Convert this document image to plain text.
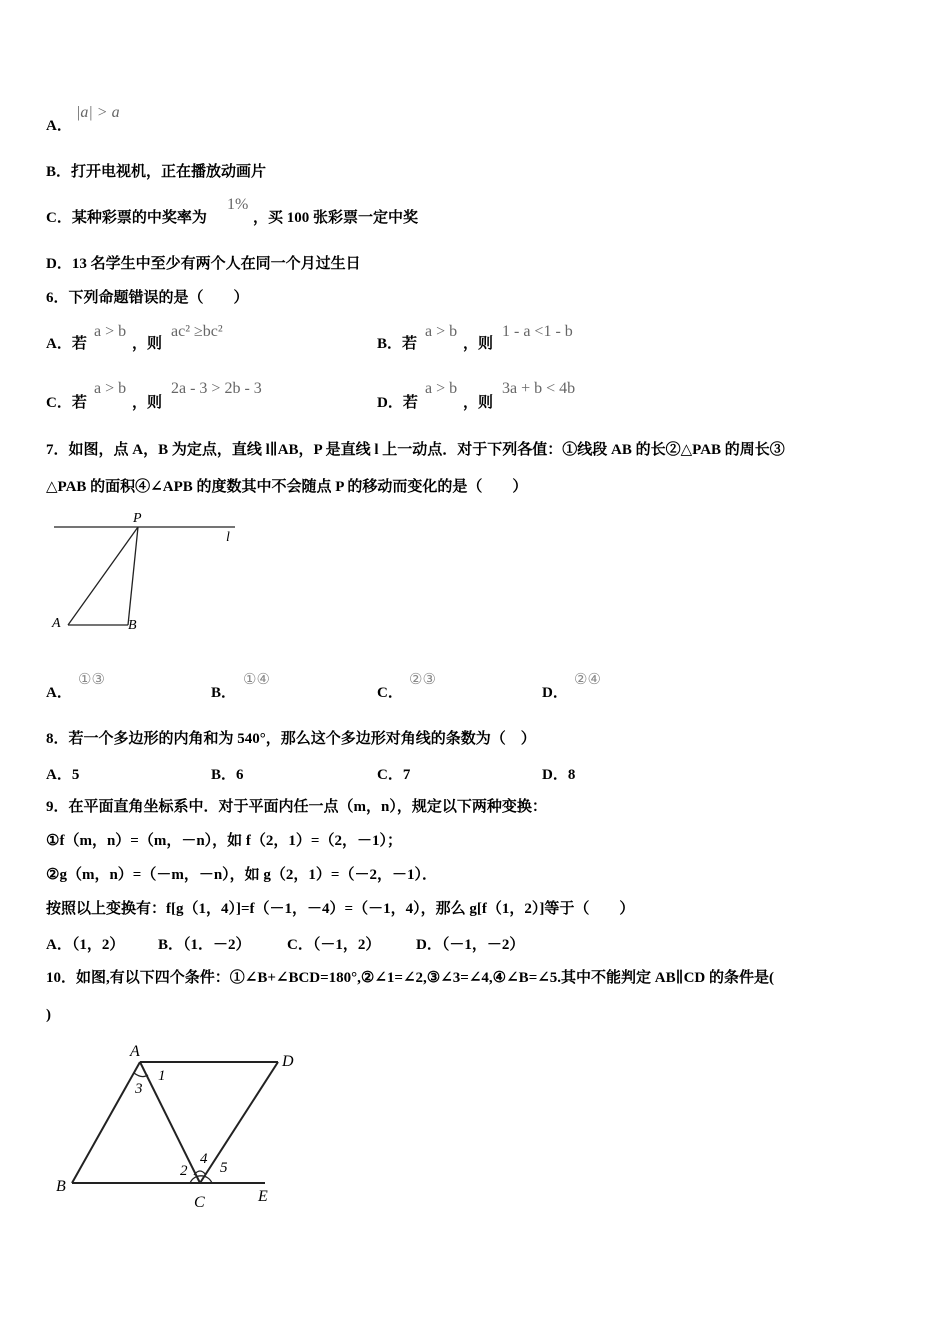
A．
|a| > a
B．打开电视机，正在播放动画片
C．某种彩票的中奖率为
1%
，买 100 张彩票一定中奖
D．13 名学生中至少有两个人在同一个月过生日
6．下列命题错误的是（　　）
A．若
a > b
，则
ac² ≥bc²
B．若
a > b
，则
1 - a <1 - b
C．若
a > b
，则
2a - 3 > 2b - 3
D．若
a > b
，则
3a + b < 4b
7．如图，点 A，B 为定点，直线 l∥AB，P 是直线 l 上一动点．对于下列各值：①线段 AB 的长②△PAB 的周长③
△PAB 的面积④∠APB 的度数其中不会随点 P 的移动而变化的是（　　）
P
l
A	B
A．
①③
B．
①④
C．
②③
D．
②④
8．若一个多边形的内角和为 540°，那么这个多边形对角线的条数为（　）
A．5	B．6	C．7	D．8
9．在平面直角坐标系中．对于平面内任一点（m，n），规定以下两种变换：
①f（m，n）=（m，－n），如 f（2，1）=（2，－1）；
②g（m，n）=（－m，－n），如 g（2，1）=（－2，－1）．
按照以上变换有：f[g（1，4）]=f（－1，－4）=（－1，4），那么 g[f（1，2）]等于（　　）
A．（1，2） B．（1．－2） C．（－1，2） D．（－1，－2）
10．如图,有以下四个条件：①∠B+∠BCD=180°,②∠1=∠2,③∠3=∠4,④∠B=∠5.其中不能判定 AB∥CD 的条件是(
)
A
D
B
C	E
1
3
2
4
5
